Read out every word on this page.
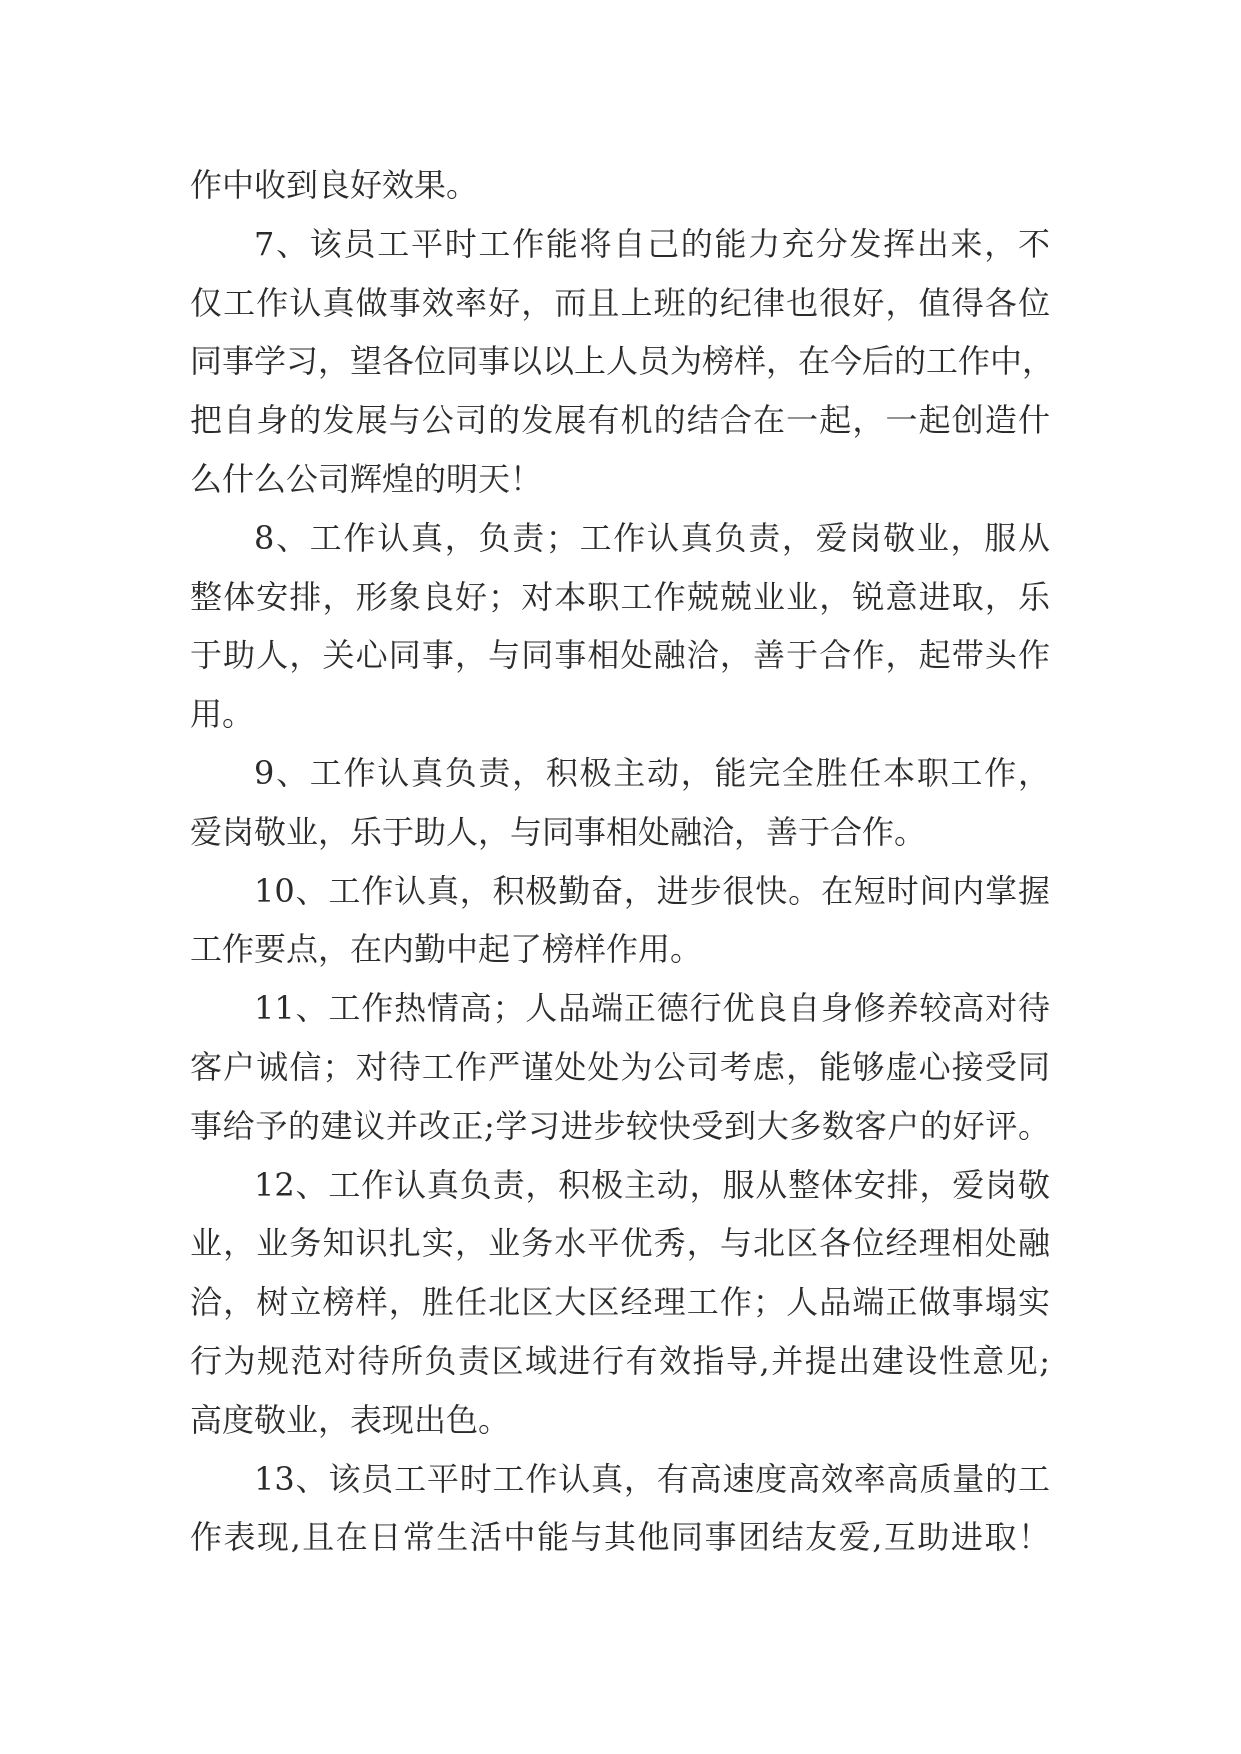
作中收到良好效果。
7、该员工平时工作能将自己的能力充分发挥出来，不
仅工作认真做事效率好，而且上班的纪律也很好，值得各位
同事学习，望各位同事以以上人员为榜样，在今后的工作中，
把自身的发展与公司的发展有机的结合在一起，一起创造什
么什么公司辉煌的明天！
8、工作认真，负责；工作认真负责，爱岗敬业，服从
整体安排，形象良好；对本职工作兢兢业业，锐意进取，乐
于助人，关心同事，与同事相处融洽，善于合作，起带头作
用。
9、工作认真负责，积极主动，能完全胜任本职工作，
爱岗敬业，乐于助人，与同事相处融洽，善于合作。
10、工作认真，积极勤奋，进步很快。在短时间内掌握
工作要点，在内勤中起了榜样作用。
11、工作热情高；人品端正德行优良自身修养较高对待
客户诚信；对待工作严谨处处为公司考虑，能够虚心接受同
事给予的建议并改正;学习进步较快受到大多数客户的好评。
12、工作认真负责，积极主动，服从整体安排，爱岗敬
业，业务知识扎实，业务水平优秀，与北区各位经理相处融
洽，树立榜样，胜任北区大区经理工作；人品端正做事塌实
行为规范对待所负责区域进行有效指导,并提出建设性意见;
高度敬业，表现出色。
13、该员工平时工作认真，有高速度高效率高质量的工
作表现,且在日常生活中能与其他同事团结友爱,互助进取！
